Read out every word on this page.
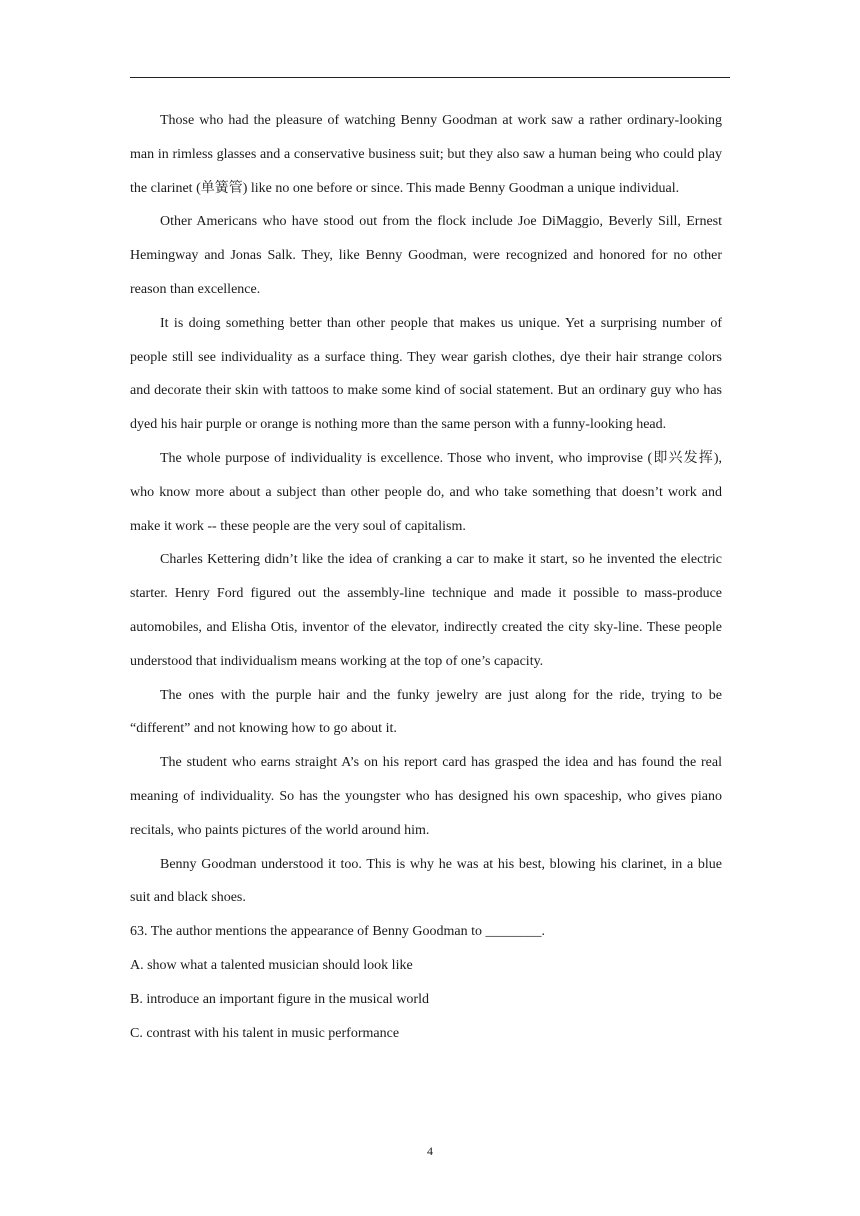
Those who had the pleasure of watching Benny Goodman at work saw a rather ordinary-looking man in rimless glasses and a conservative business suit; but they also saw a human being who could play the clarinet (单簧管) like no one before or since. This made Benny Goodman a unique individual.

Other Americans who have stood out from the flock include Joe DiMaggio, Beverly Sill, Ernest Hemingway and Jonas Salk. They, like Benny Goodman, were recognized and honored for no other reason than excellence.

It is doing something better than other people that makes us unique. Yet a surprising number of people still see individuality as a surface thing. They wear garish clothes, dye their hair strange colors and decorate their skin with tattoos to make some kind of social statement. But an ordinary guy who has dyed his hair purple or orange is nothing more than the same person with a funny-looking head.

The whole purpose of individuality is excellence. Those who invent, who improvise (即兴发挥), who know more about a subject than other people do, and who take something that doesn’t work and make it work -- these people are the very soul of capitalism.

Charles Kettering didn’t like the idea of cranking a car to make it start, so he invented the electric starter. Henry Ford figured out the assembly-line technique and made it possible to mass-produce automobiles, and Elisha Otis, inventor of the elevator, indirectly created the city sky-line. These people understood that individualism means working at the top of one’s capacity.

The ones with the purple hair and the funky jewelry are just along for the ride, trying to be “different” and not knowing how to go about it.

The student who earns straight A’s on his report card has grasped the idea and has found the real meaning of individuality. So has the youngster who has designed his own spaceship, who gives piano recitals, who paints pictures of the world around him.

Benny Goodman understood it too. This is why he was at his best, blowing his clarinet, in a blue suit and black shoes.

63. The author mentions the appearance of Benny Goodman to ________.

A. show what a talented musician should look like

B. introduce an important figure in the musical world

C. contrast with his talent in music performance

4
